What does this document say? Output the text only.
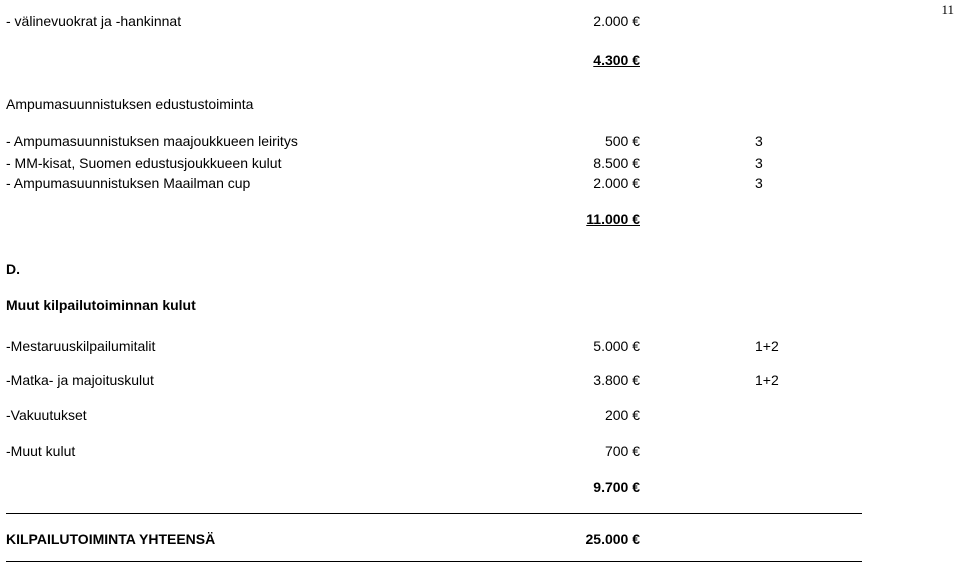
11
- välinevuokrat ja -hankinnat	2.000 €
4.300 €
Ampumasuunnistuksen edustustoiminta
- Ampumasuunnistuksen maajoukkueen leiritys	500 €	3
- MM-kisat, Suomen edustusjoukkueen kulut	8.500 €	3
- Ampumasuunnistuksen Maailman cup	2.000 €	3
11.000 €
D.
Muut kilpailutoiminnan kulut
-Mestaruuskilpailumitalit	5.000 €	1+2
-Matka- ja majoituskulut	3.800 €	1+2
-Vakuutukset	200 €
-Muut kulut	700 €
9.700 €
KILPAILUTOIMINTA YHTEENSÄ	25.000 €
